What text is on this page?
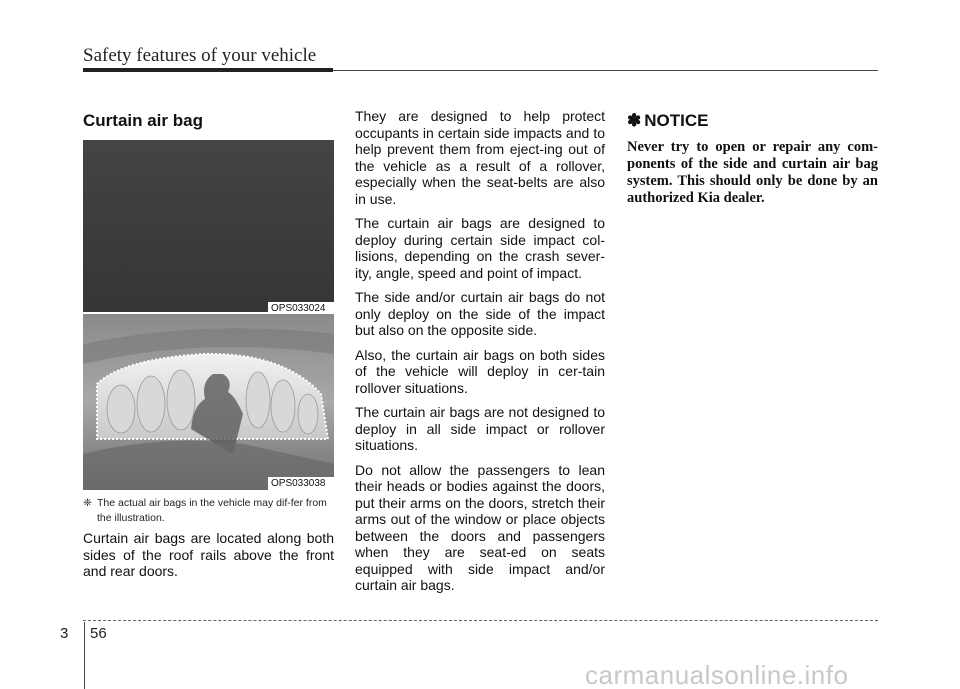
Safety features of your vehicle
Curtain air bag
OPS033024
OPS033038
❈ The actual air bags in the vehicle may dif-fer from the illustration.

Curtain air bags are located along both sides of the roof rails above the front and rear doors.

They are designed to help protect occupants in certain side impacts and to help prevent them from eject-ing out of the vehicle as a result of a rollover, especially when the seat-belts are also in use.

The curtain air bags are designed to deploy during certain side impact col-lisions, depending on the crash sever-ity, angle, speed and point of impact.

The side and/or curtain air bags do not only deploy on the side of the impact but also on the opposite side.

Also, the curtain air bags on both sides of the vehicle will deploy in cer-tain rollover situations.

The curtain air bags are not designed to deploy in all side impact or rollover situations.

Do not allow the passengers to lean their heads or bodies against the doors, put their arms on the doors, stretch their arms out of the window or place objects between the doors and passengers when they are seat-ed on seats equipped with side impact and/or curtain air bags.

✽ NOTICE

Never try to open or repair any com-ponents of the side and curtain air bag system. This should only be done by an authorized Kia dealer.

3 56
carmanualsonline.info
